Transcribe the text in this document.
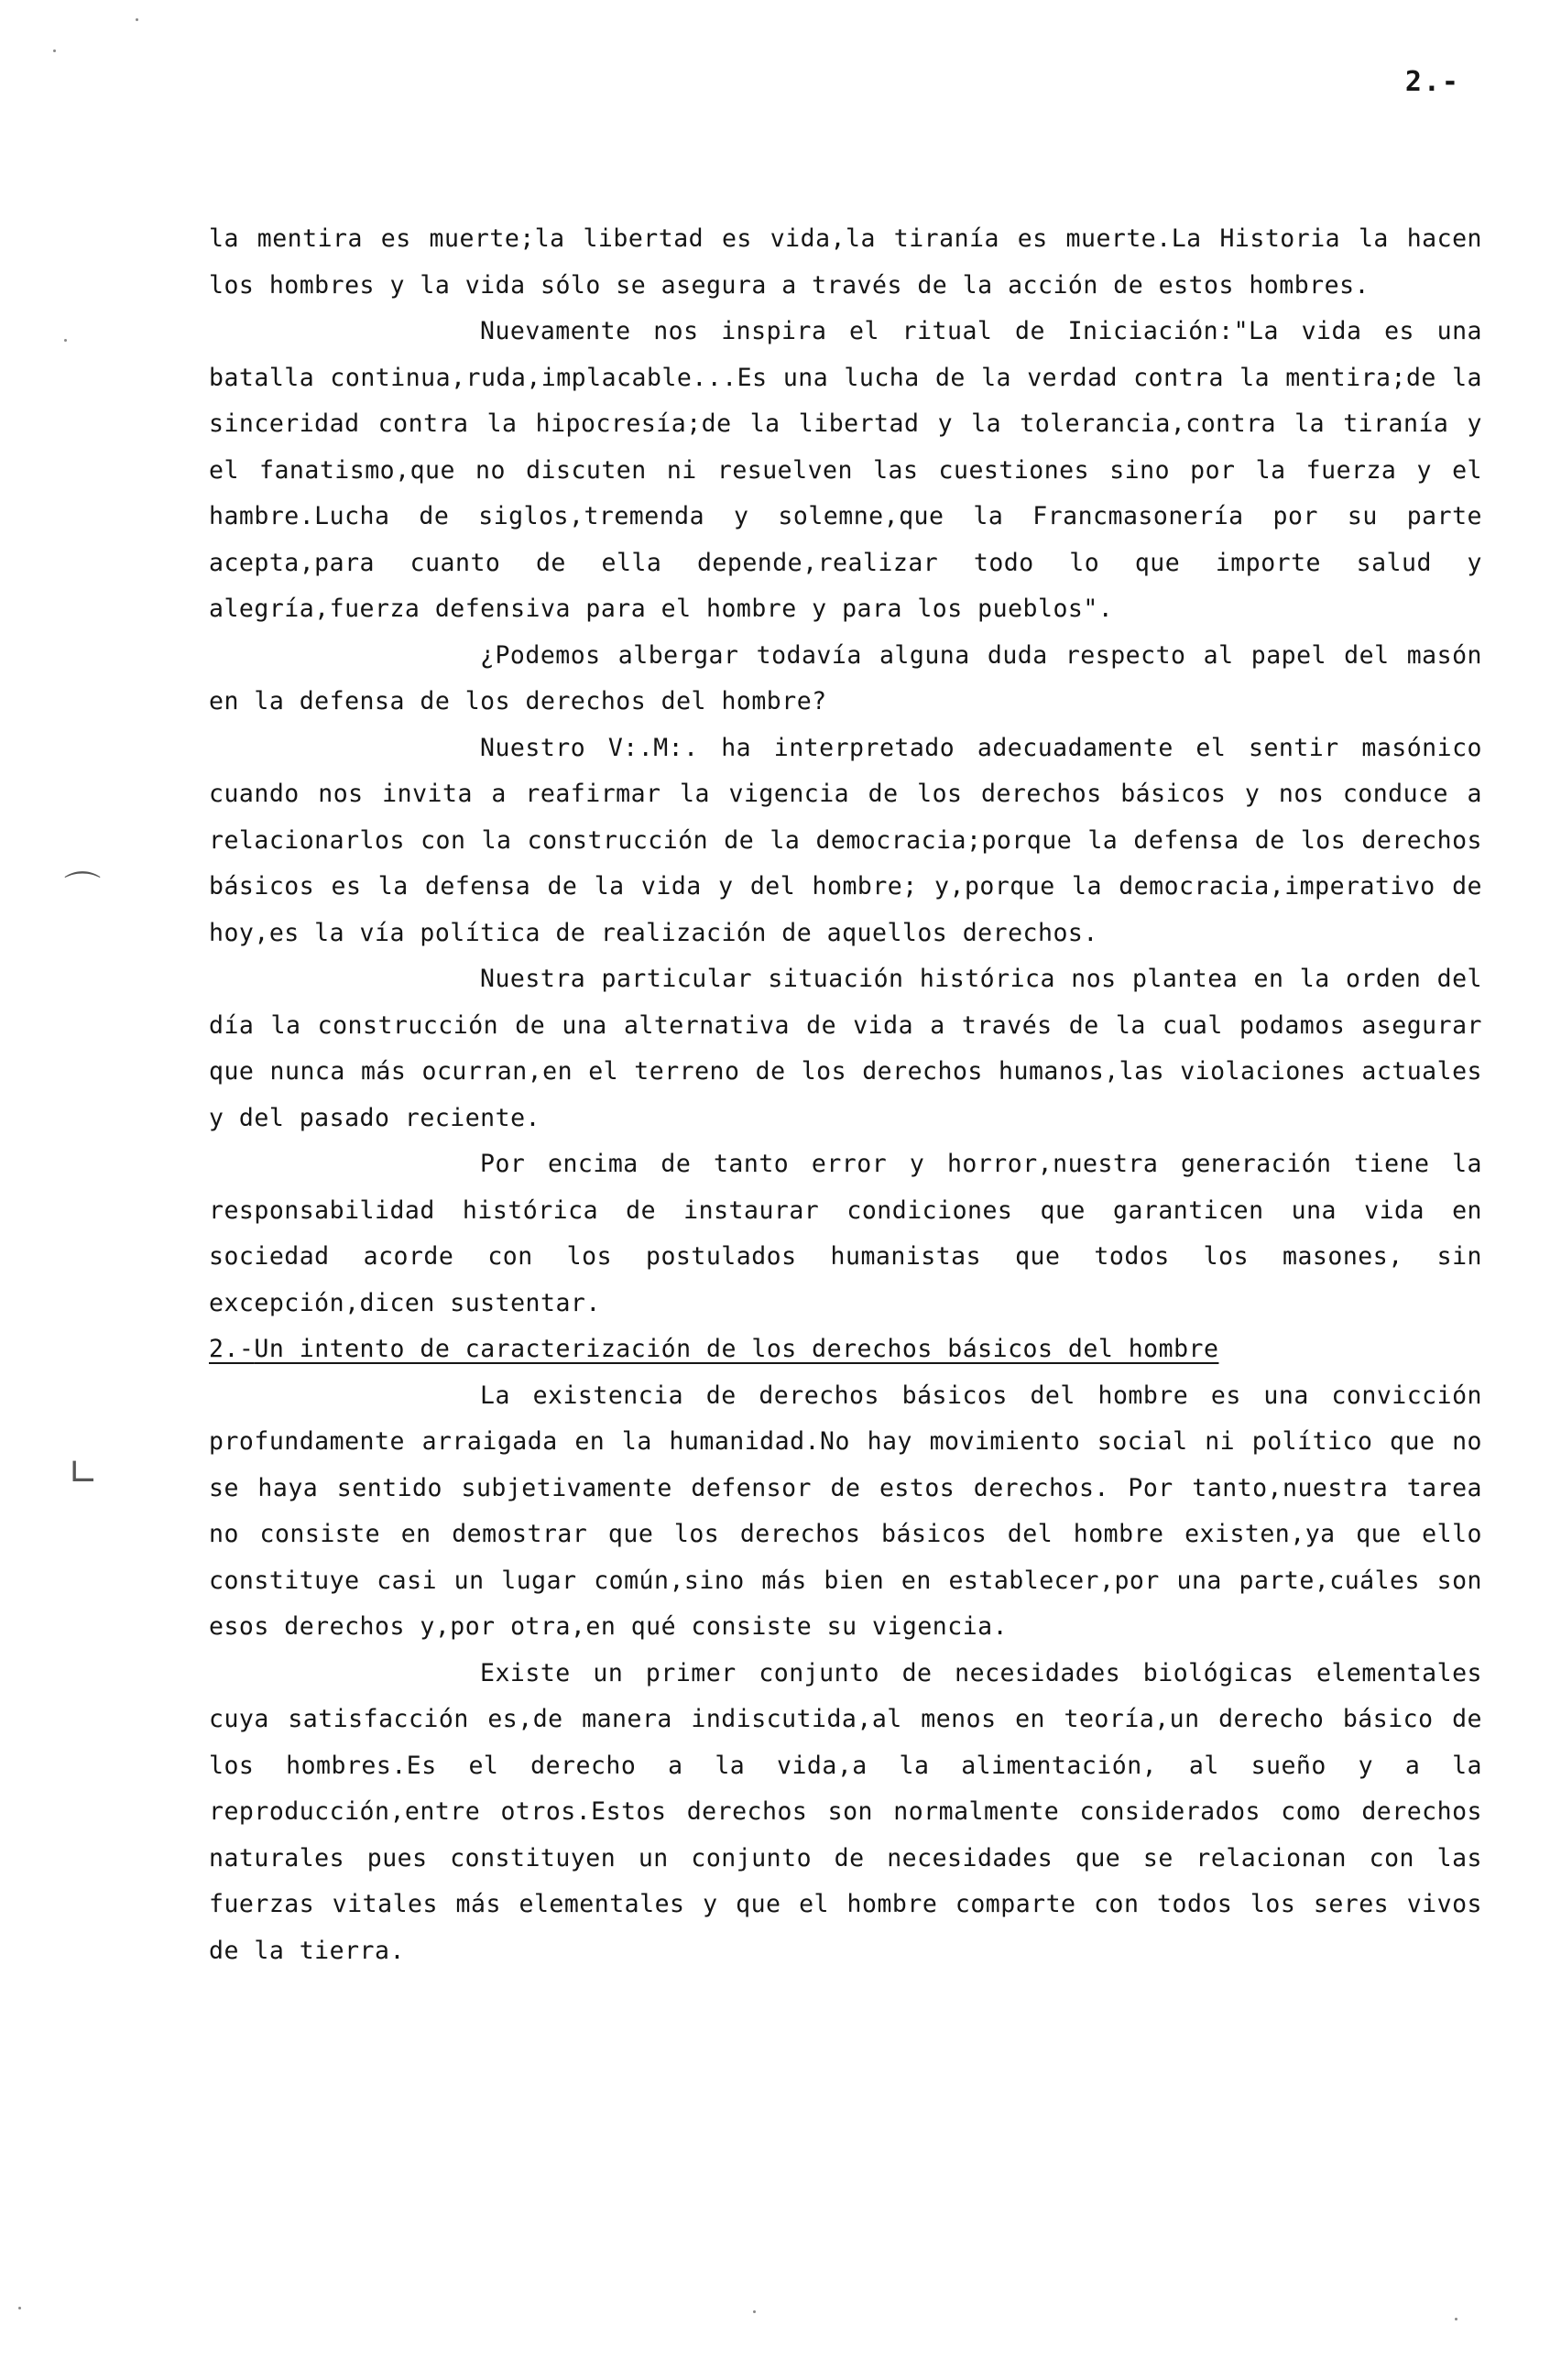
2.-

la mentira es muerte;la libertad es vida,la tiranía es muerte.La Historia la hacen los hombres y la vida sólo se asegura a través de la acción de estos hombres.

Nuevamente nos inspira el ritual de Iniciación:"La vida es una batalla continua,ruda,implacable...Es una lucha de la verdad contra la mentira;de la sinceridad contra la hipocresía;de la libertad y la tolerancia,contra la tiranía y el fanatismo,que no discuten ni resuelven las cuestiones sino por la fuerza y el hambre.Lucha de siglos,tremenda y solemne,que la Francmasonería por su parte acepta,para cuanto de ella depende,realizar todo lo que importe salud y alegría,fuerza defensiva para el hombre y para los pueblos".

¿Podemos albergar todavía alguna duda respecto al papel del masón en la defensa de los derechos del hombre?

Nuestro V:.M:. ha interpretado adecuadamente el sentir masónico cuando nos invita a reafirmar la vigencia de los derechos básicos y nos conduce a relacionarlos con la construcción de la democracia;porque la defensa de los derechos básicos es la defensa de la vida y del hombre; y,porque la democracia,imperativo de hoy,es la vía política de realización de aquellos derechos.

Nuestra particular situación histórica nos plantea en la orden del día la construcción de una alternativa de vida a través de la cual podamos asegurar que nunca más ocurran,en el terreno de los derechos humanos,las violaciones actuales y del pasado reciente.

Por encima de tanto error y horror,nuestra generación tiene la responsabilidad histórica de instaurar condiciones que garanticen una vida en sociedad acorde con los postulados humanistas que todos los masones, sin excepción,dicen sustentar.

2.-Un intento de caracterización de los derechos básicos del hombre

La existencia de derechos básicos del hombre es una convicción profundamente arraigada en la humanidad.No hay movimiento social ni político que no se haya sentido subjetivamente defensor de estos derechos. Por tanto,nuestra tarea no consiste en demostrar que los derechos básicos del hombre existen,ya que ello constituye casi un lugar común,sino más bien en establecer,por una parte,cuáles son esos derechos y,por otra,en qué consiste su vigencia.

Existe un primer conjunto de necesidades biológicas elementales cuya satisfacción es,de manera indiscutida,al menos en teoría,un derecho básico de los hombres.Es el derecho a la vida,a la alimentación, al sueño y a la reproducción,entre otros.Estos derechos son normalmente considerados como derechos naturales pues constituyen un conjunto de necesidades que se relacionan con las fuerzas vitales más elementales y que el hombre comparte con todos los seres vivos de la tierra.

⌒
∟
